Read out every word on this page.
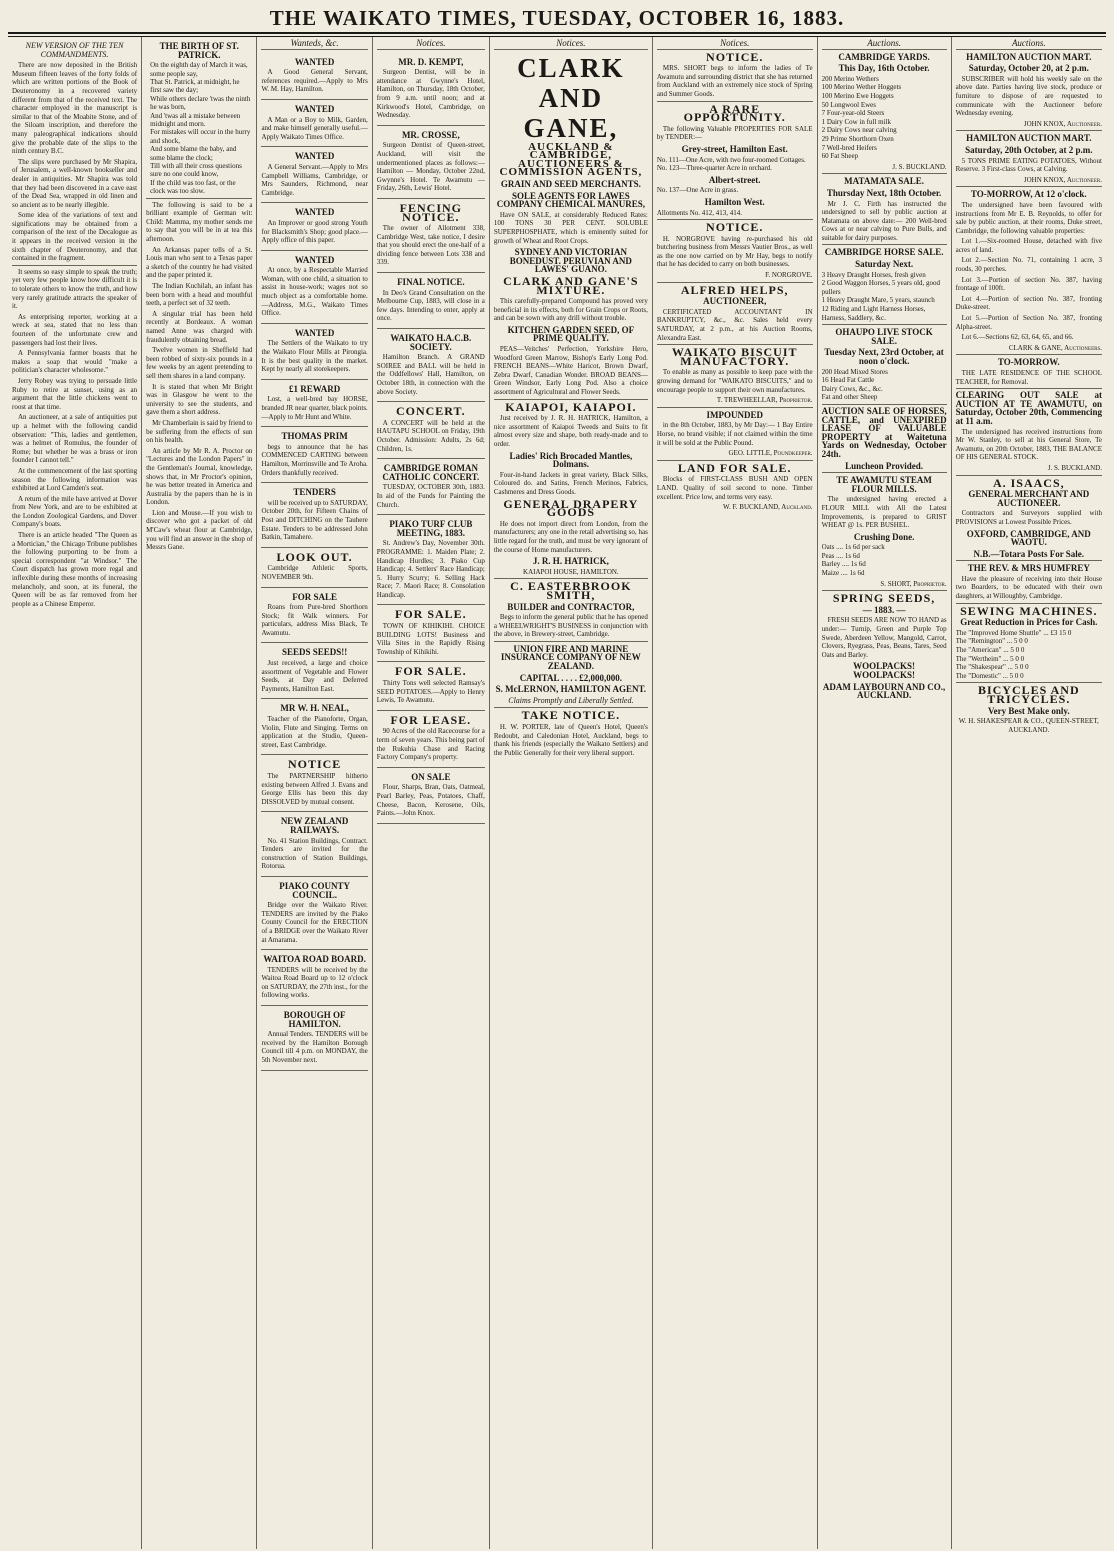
THE WAIKATO TIMES, TUESDAY, OCTOBER 16, 1883.
NEW VERSION OF THE TEN COMMANDMENTS.

There are now deposited in the British Museum fifteen leaves of the forty folds of which are written portions of the Book of Deuteronomy in a recovered variety different from that of the received text. The character employed in the manuscript is similar to that of the Moabite Stone, and of the Siloam inscription, and therefore the many paleographical indications should give the probable date of the slips to the ninth century B.C.

The slips were purchased by Mr Shapira, of Jerusalem, a well-known bookseller and dealer in antiquities. Mr Shapira was told that they had been discovered in a cave east of the Dead Sea, wrapped in old linen and so ancient as to be nearly illegible.

Some idea of the variations of text and significations may be obtained from a comparison of the text of the Decalogue as it appears in the received version in the sixth chapter of Deuteronomy, and that contained in the fragment.

It seems so easy simple to speak the truth; yet very few people know how difficult it is to tolerate others to know the truth, and how very rarely gratitude attracts the speaker of it.

As enterprising reporter, working at a wreck at sea, stated that no less than fourteen of the unfortunate crew and passengers had lost their lives.

A Pennsylvania farmer boasts that he makes a soap that would "make a politician's character wholesome."

Jerry Robey was trying to persuade little Ruby to retire at sunset, using as an argument that the little chickens went to roost at that time.

An auctioneer, at a sale of antiquities put up a helmet with the following candid observation: "This, ladies and gentlemen, was a helmet of Romulus, the founder of Rome; but whether he was a brass or iron founder I cannot tell."

At the commencement of the last sporting season the following information was exhibited at Lord Camden's seat.

A return of the mile have arrived at Dover from New York, and are to be exhibited at the London Zoological Gardens, and Dover Company's boats.

There is an article headed "The Queen as a Mortician," the Chicago Tribune publishes the following purporting to be from a special correspondent "at Windsor." The Court dispatch has grown more regal and inflexible during these months of increasing melancholy, and soon, at its funeral, the Queen will be as far removed from her people as a Chinese Emperor.

THE BIRTH OF ST. PATRICK.
On the eighth day of March it was, some people say,
That St. Patrick, at midnight, he first saw the day;
While others declare 'twas the ninth he was born,
And 'twas all a mistake between midnight and morn.
For mistakes will occur in the hurry and shock,
And some blame the baby, and some blame the clock;
Till with all their cross questions sure no one could know,
If the child was too fast, or the clock was too slow.

The following is said to be a brilliant example of German wit: Child: Mamma, my mother sends me to say that you will be in at tea this afternoon.

An Arkansas paper tells of a St. Louis man who sent to a Texas paper a sketch of the country he had visited and the paper printed it.

The Indian Kuchilah, an infant has been born with a head and mouthful teeth, a perfect set of 32 teeth.

A singular trial has been held recently at Bordeaux. A woman named Anne was charged with fraudulently obtaining bread.

Twelve women in Sheffield had been robbed of sixty-six pounds in a few weeks by an agent pretending to sell them shares in a land company.

It is stated that when Mr Bright was in Glasgow he went to the university to see the students, and gave them a short address.

Mr Chamberlain is said by friend to be suffering from the effects of sun on his health.

An article by Mr R. A. Proctor on "Lectures and the London Papers" in the Gentleman's Journal, knowledge, shows that, in Mr Proctor's opinion, he was better treated in America and Australia by the papers than he is in London.

Lion and Mouse.—If you wish to discover who got a packet of old M'Caw's wheat flour at Cambridge, you will find an answer in the shop of Messrs Gane.

Wanteds, &c.
WANTED

A Good General Servant, references required.—Apply to Mrs W. M. Hay, Hamilton.

WANTED

A Man or a Boy to Milk, Garden, and make himself generally useful.—Apply Waikato Times Office.

WANTED

A General Servant.—Apply to Mrs Campbell Williams, Cambridge, or Mrs Saunders, Richmond, near Cambridge.

WANTED

An Improver or good strong Youth for Blacksmith's Shop; good place.—Apply office of this paper.

WANTED

At once, by a Respectable Married Woman, with one child, a situation to assist in house-work; wages not so much object as a comfortable home.—Address, M.G., Waikato Times Office.

WANTED

The Settlers of the Waikato to try the Waikato Flour Mills at Pirongia. It is the best quality in the market. Kept by nearly all storekeepers.

£1 REWARD

Lost, a well-bred bay HORSE, branded JR near quarter, black points.—Apply to Mr Hunt and White.

THOMAS PRIM

begs to announce that he has COMMENCED CARTING between Hamilton, Morrinsville and Te Aroha. Orders thankfully received.

TENDERS

will be received up to SATURDAY, October 20th, for Fifteen Chains of Post and DITCHING on the Tauhere Estate. Tenders to be addressed John Batkin, Tamahere.

LOOK OUT.

Cambridge Athletic Sports, NOVEMBER 9th.

FOR SALE

Roans from Pure-bred Shorthorn Stock; fit Walk winners. For particulars, address Miss Black, Te Awamutu.

SEEDS SEEDS!!

Just received, a large and choice assortment of Vegetable and Flower Seeds, at Day and Deferred Payments, Hamilton East.

MR W. H. NEAL,

Teacher of the Pianoforte, Organ, Violin, Flute and Singing. Terms on application at the Studio, Queen-street, East Cambridge.

NOTICE

The PARTNERSHIP hitherto existing between Alfred J. Evans and George Ellis has been this day DISSOLVED by mutual consent.

NEW ZEALAND RAILWAYS.

No. 41 Station Buildings, Contract. Tenders are invited for the construction of Station Buildings, Rotorua.

PIAKO COUNTY COUNCIL.

Bridge over the Waikato River. TENDERS are invited by the Piako County Council for the ERECTION of a BRIDGE over the Waikato River at Amarama.

WAITOA ROAD BOARD.

TENDERS will be received by the Waitoa Road Board up to 12 o'clock on SATURDAY, the 27th inst., for the following works.

BOROUGH OF HAMILTON.

Annual Tenders. TENDERS will be received by the Hamilton Borough Council till 4 p.m. on MONDAY, the 5th November next.

Notices.
MR. D. KEMPT,

Surgeon Dentist, will be in attendance at Gwynne's Hotel, Hamilton, on Thursday, 18th October, from 9 a.m. until noon; and at Kirkwood's Hotel, Cambridge, on Wednesday.

MR. CROSSE,

Surgeon Dentist of Queen-street, Auckland, will visit the undermentioned places as follows:— Hamilton — Monday, October 22nd, Gwynne's Hotel. Te Awamutu — Friday, 26th, Lewis' Hotel.

FENCING NOTICE.

The owner of Allotment 338, Cambridge West, take notice, I desire that you should erect the one-half of a dividing fence between Lots 338 and 339.

FINAL NOTICE.

In Deo's Grand Consultation on the Melbourne Cup, 1883, will close in a few days. Intending to enter, apply at once.

WAIKATO H.A.C.B. SOCIETY.

Hamilton Branch. A GRAND SOIREE and BALL will be held in the Oddfellows' Hall, Hamilton, on October 18th, in connection with the above Society.

CONCERT.

A CONCERT will be held at the HAUTAPU SCHOOL on Friday, 19th October. Admission: Adults, 2s 6d; Children, 1s.

CAMBRIDGE ROMAN CATHOLIC CONCERT.

TUESDAY, OCTOBER 30th, 1883. In aid of the Funds for Painting the Church.

PIAKO TURF CLUB MEETING, 1883.

St. Andrew's Day, November 30th. PROGRAMME: 1. Maiden Plate; 2. Handicap Hurdles; 3. Piako Cup Handicap; 4. Settlers' Race Handicap; 5. Hurry Scurry; 6. Selling Hack Race; 7. Maori Race; 8. Consolation Handicap.

FOR SALE.

TOWN OF KIHIKIHI. CHOICE BUILDING LOTS! Business and Villa Sites in the Rapidly Rising Township of Kihikihi.

FOR SALE.

Thirty Tons well selected Ramsay's SEED POTATOES.—Apply to Henry Lewis, Te Awamutu.

FOR LEASE.

90 Acres of the old Racecourse for a term of seven years. This being part of the Rukuhia Chase and Racing Factory Company's property.

ON SALE

Flour, Sharps, Bran, Oats, Oatmeal, Pearl Barley, Peas, Potatoes, Chaff, Cheese, Bacon, Kerosene, Oils, Paints.—John Knox.

Notices.
CLARK AND GANE,
AUCKLAND & CAMBRIDGE,
AUCTIONEERS & COMMISSION AGENTS,
GRAIN AND SEED MERCHANTS.
SOLE AGENTS FOR LAWES COMPANY CHEMICAL MANURES,

Have ON SALE, at considerably Reduced Rates: 100 TONS 30 PER CENT. SOLUBLE SUPERPHOSPHATE, which is eminently suited for growth of Wheat and Root Crops.

SYDNEY AND VICTORIAN BONEDUST. PERUVIAN AND LAWES' GUANO.
CLARK AND GANE'S MIXTURE.

This carefully-prepared Compound has proved very beneficial in its effects, both for Grain Crops or Roots, and can be sown with any drill without trouble.

KITCHEN GARDEN SEED, OF PRIME QUALITY.

PEAS—Veitches' Perfection, Yorkshire Hero, Woodford Green Marrow, Bishop's Early Long Pod. FRENCH BEANS—White Haricot, Brown Dwarf, Zebra Dwarf, Canadian Wonder. BROAD BEANS—Green Windsor, Early Long Pod. Also a choice assortment of Agricultural and Flower Seeds.

KAIAPOI, KAIAPOI.

Just received by J. R. H. HATRICK, Hamilton, a nice assortment of Kaiapoi Tweeds and Suits to fit almost every size and shape, both ready-made and to order.

Ladies' Rich Brocaded Mantles, Dolmans.

Four-in-hand Jackets in great variety, Black Silks, Coloured do. and Satins, French Merinos, Fabrics, Cashmeres and Dress Goods.

GENERAL DRAPERY GOODS

He does not import direct from London, from the manufacturers; any one in the retail advertising so, has little regard for the truth, and must be very ignorant of the course of Home manufacturers.

J. R. H. HATRICK,
KAIAPOI HOUSE, HAMILTON.
C. EASTERBROOK SMITH,
BUILDER and CONTRACTOR,

Begs to inform the general public that he has opened a WHEELWRIGHT'S BUSINESS in conjunction with the above, in Brewery-street, Cambridge.

UNION FIRE AND MARINE INSURANCE COMPANY OF NEW ZEALAND.
CAPITAL . . . . £2,000,000.
S. McLERNON, HAMILTON AGENT.
Claims Promptly and Liberally Settled.
TAKE NOTICE.

H. W. PORTER, late of Queen's Hotel, Queen's Redoubt, and Caledonian Hotel, Auckland, begs to thank his friends (especially the Waikato Settlers) and the Public Generally for their very liberal support.

Notices.
NOTICE.

MRS. SHORT begs to inform the ladies of Te Awamutu and surrounding district that she has returned from Auckland with an extremely nice stock of Spring and Summer Goods.

A RARE OPPORTUNITY.

The following Valuable PROPERTIES FOR SALE by TENDER:—

Grey-street, Hamilton East.
No. 111—One Acre, with two four-roomed Cottages.
No. 123—Three-quarter Acre in orchard.
Albert-street.
No. 137—One Acre in grass.
Hamilton West.
Allotments No. 412, 413, 414.
NOTICE.

H. NORGROVE having re-purchased his old butchering business from Messrs Vautier Bros., as well as the one now carried on by Mr Hay, begs to notify that he has decided to carry on both businesses.

F. NORGROVE.
ALFRED HELPS,
AUCTIONEER,

CERTIFICATED ACCOUNTANT IN BANKRUPTCY, &c., &c. Sales held every SATURDAY, at 2 p.m., at his Auction Rooms, Alexandra East.

WAIKATO BISCUIT MANUFACTORY.

To enable as many as possible to keep pace with the growing demand for "WAIKATO BISCUITS," and to encourage people to support their own manufactures.

T. TREWHEELLAR, Proprietor.
IMPOUNDED

in the 8th October, 1883, by Mr Day:— 1 Bay Entire Horse, no brand visible; if not claimed within the time it will be sold at the Public Pound.

GEO. LITTLE, Poundkeeper.
LAND FOR SALE.

Blocks of FIRST-CLASS BUSH AND OPEN LAND. Quality of soil second to none. Timber excellent. Price low, and terms very easy.

W. F. BUCKLAND, Auckland.
Auctions.
CAMBRIDGE YARDS.
This Day, 16th October.
200 Merino Wethers
100 Merino Wether Hoggets
100 Merino Ewe Hoggets
50 Longwool Ewes
7 Four-year-old Steers
1 Dairy Cow in full milk
2 Dairy Cows near calving
29 Prime Shorthorn Oxen
7 Well-bred Heifers
60 Fat Sheep
J. S. BUCKLAND.
MATAMATA SALE.
Thursday Next, 18th October.

Mr J. C. Firth has instructed the undersigned to sell by public auction at Matamata on above date:— 200 Well-bred Cows at or near calving to Pure Bulls, and suitable for dairy purposes.

CAMBRIDGE HORSE SALE.
Saturday Next.
3 Heavy Draught Horses, fresh given
2 Good Waggon Horses, 5 years old, good pullers
1 Heavy Draught Mare, 5 years, staunch
12 Riding and Light Harness Horses, Harness, Saddlery, &c.
OHAUPO LIVE STOCK SALE.
Tuesday Next, 23rd October, at noon o'clock.
200 Head Mixed Stores
16 Head Fat Cattle
Dairy Cows, &c., &c.
Fat and other Sheep

AUCTION SALE OF HORSES, CATTLE, and UNEXPIRED LEASE OF VALUABLE PROPERTY at Waitetuna Yards on Wednesday, October 24th.

Luncheon Provided.
TE AWAMUTU STEAM FLOUR MILLS.

The undersigned having erected a FLOUR MILL with All the Latest Improvements, is prepared to GRIST WHEAT @ 1s. PER BUSHEL.

Crushing Done.
Oats .... 1s 6d per sack
Peas .... 1s 6d
Barley .... 1s 6d
Maize .... 1s 6d
S. SHORT, Proprietor.
SPRING SEEDS,
— 1883. —

FRESH SEEDS ARE NOW TO HAND as under:— Turnip, Green and Purple Top Swede, Aberdeen Yellow, Mangold, Carrot, Clovers, Ryegrass, Peas, Beans, Tares, Seed Oats and Barley.

WOOLPACKS! WOOLPACKS!
ADAM LAYBOURN AND CO., AUCKLAND.
Auctions.
HAMILTON AUCTION MART.
Saturday, October 20, at 2 p.m.

SUBSCRIBER will hold his weekly sale on the above date. Parties having live stock, produce or furniture to dispose of are requested to communicate with the Auctioneer before Wednesday evening.

JOHN KNOX, Auctioneer.
HAMILTON AUCTION MART.
Saturday, 20th October, at 2 p.m.

5 TONS PRIME EATING POTATOES, Without Reserve. 3 First-class Cows, at Calving.

JOHN KNOX, Auctioneer.
TO-MORROW, At 12 o'clock.

The undersigned have been favoured with instructions from Mr E. B. Reynolds, to offer for sale by public auction, at their rooms, Duke street, Cambridge, the following valuable properties:

Lot 1.—Six-roomed House, detached with five acres of land.

Lot 2.—Section No. 71, containing 1 acre, 3 roods, 30 perches.

Lot 3.—Portion of section No. 387, having frontage of 100ft.

Lot 4.—Portion of section No. 387, fronting Duke-street.

Lot 5.—Portion of Section No. 387, fronting Alpha-street.

Lot 6.—Sections 62, 63, 64, 65, and 66.

CLARK & GANE, Auctioneers.
TO-MORROW.

THE LATE RESIDENCE OF THE SCHOOL TEACHER, for Removal.

CLEARING OUT SALE at AUCTION AT TE AWAMUTU, on Saturday, October 20th, Commencing at 11 a.m.

The undersigned has received instructions from Mr W. Stanley, to sell at his General Store, Te Awamutu, on 20th October, 1883, THE BALANCE OF HIS GENERAL STOCK.

J. S. BUCKLAND.
A. ISAACS,
GENERAL MERCHANT AND AUCTIONEER.

Contractors and Surveyors supplied with PROVISIONS at Lowest Possible Prices.

OXFORD, CAMBRIDGE, AND WAOTU.
N.B.—Totara Posts For Sale.
THE REV. & MRS HUMFREY

Have the pleasure of receiving into their House two Boarders, to be educated with their own daughters, at Willoughby, Cambridge.

SEWING MACHINES.
Great Reduction in Prices for Cash.
The "Improved Home Shuttle" ... £3 15 0
The "Remington" ... 5 0 0
The "American" ... 5 0 0
The "Wertheim" ... 5 0 0
The "Shakespear" ... 5 0 0
The "Domestic" ... 5 0 0
BICYCLES AND TRICYCLES.
Very Best Make only.
W. H. SHAKESPEAR & CO., QUEEN-STREET, AUCKLAND.
